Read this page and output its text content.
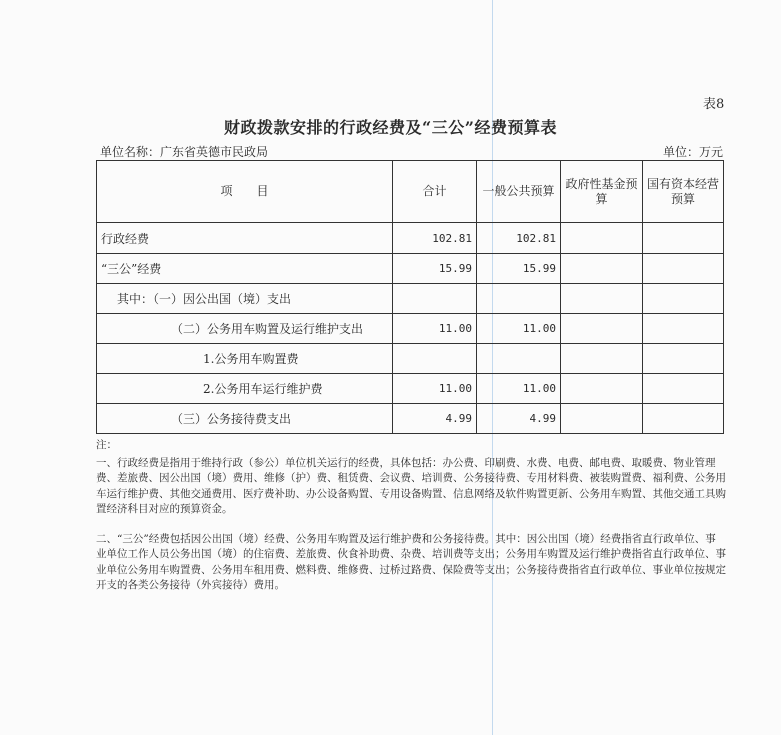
表8
财政拨款安排的行政经费及“三公”经费预算表
单位名称：广东省英德市民政局	单位：万元
项　　目	合计	一般公共预算	政府性基金预算	国有资本经营预算
行政经费	102.81	102.81		
“三公”经费	15.99	15.99		
其中：（一）因公出国（境）支出				
（二）公务用车购置及运行维护支出	11.00	11.00		
1.公务用车购置费				
2.公务用车运行维护费	11.00	11.00		
（三）公务接待费支出	4.99	4.99		

注：

一、行政经费是指用于维持行政（参公）单位机关运行的经费，具体包括：办公费、印刷费、水费、电费、邮电费、取暖费、物业管理费、差旅费、因公出国（境）费用、维修（护）费、租赁费、会议费、培训费、公务接待费、专用材料费、被装购置费、福利费、公务用车运行维护费、其他交通费用、医疗费补助、办公设备购置、专用设备购置、信息网络及软件购置更新、公务用车购置、其他交通工具购置经济科目对应的预算资金。

二、“三公”经费包括因公出国（境）经费、公务用车购置及运行维护费和公务接待费。其中：因公出国（境）经费指省直行政单位、事业单位工作人员公务出国（境）的住宿费、差旅费、伙食补助费、杂费、培训费等支出；公务用车购置及运行维护费指省直行政单位、事业单位公务用车购置费、公务用车租用费、燃料费、维修费、过桥过路费、保险费等支出；公务接待费指省直行政单位、事业单位按规定开支的各类公务接待（外宾接待）费用。
